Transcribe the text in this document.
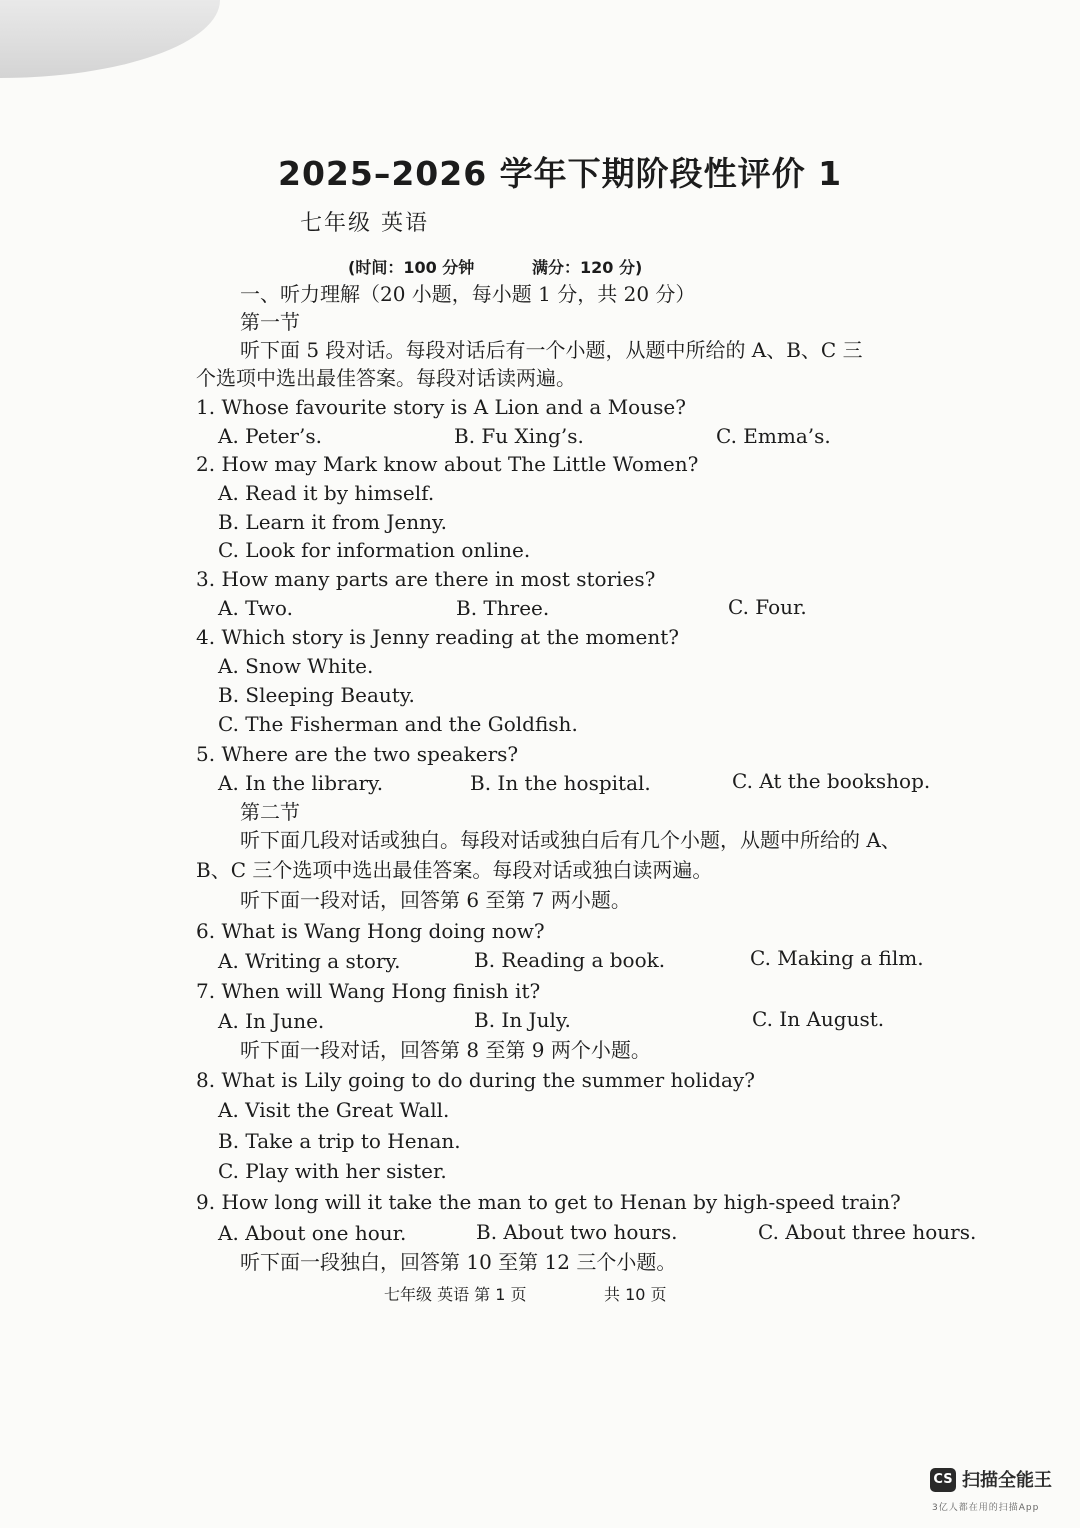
2025–2026 学年下期阶段性评价 1
七年级 英语
(时间：100 分钟	满分：120 分)
一、听力理解（20 小题，每小题 1 分，共 20 分）
第一节
听下面 5 段对话。每段对话后有一个小题，从题中所给的 A、B、C 三
个选项中选出最佳答案。每段对话读两遍。
1. Whose favourite story is A Lion and a Mouse?
A. Peter’s.	B. Fu Xing’s.	C. Emma’s.
2. How may Mark know about The Little Women?
A. Read it by himself.
B. Learn it from Jenny.
C. Look for information online.
3. How many parts are there in most stories?
A. Two.	B. Three.	C. Four.
4. Which story is Jenny reading at the moment?
A. Snow White.
B. Sleeping Beauty.
C. The Fisherman and the Goldfish.
5. Where are the two speakers?
A. In the library.	B. In the hospital.	C. At the bookshop.
第二节
听下面几段对话或独白。每段对话或独白后有几个小题，从题中所给的 A、
B、C 三个选项中选出最佳答案。每段对话或独白读两遍。
听下面一段对话，回答第 6 至第 7 两小题。
6. What is Wang Hong doing now?
A. Writing a story.	B. Reading a book.	C. Making a film.
7. When will Wang Hong finish it?
A. In June.	B. In July.	C. In August.
听下面一段对话，回答第 8 至第 9 两个小题。
8. What is Lily going to do during the summer holiday?
A. Visit the Great Wall.
B. Take a trip to Henan.
C. Play with her sister.
9. How long will it take the man to get to Henan by high-speed train?
A. About one hour.	B. About two hours.	C. About three hours.
听下面一段独白，回答第 10 至第 12 三个小题。
七年级 英语 第 1 页	共 10 页
CS 扫描全能王
3亿人都在用的扫描App
